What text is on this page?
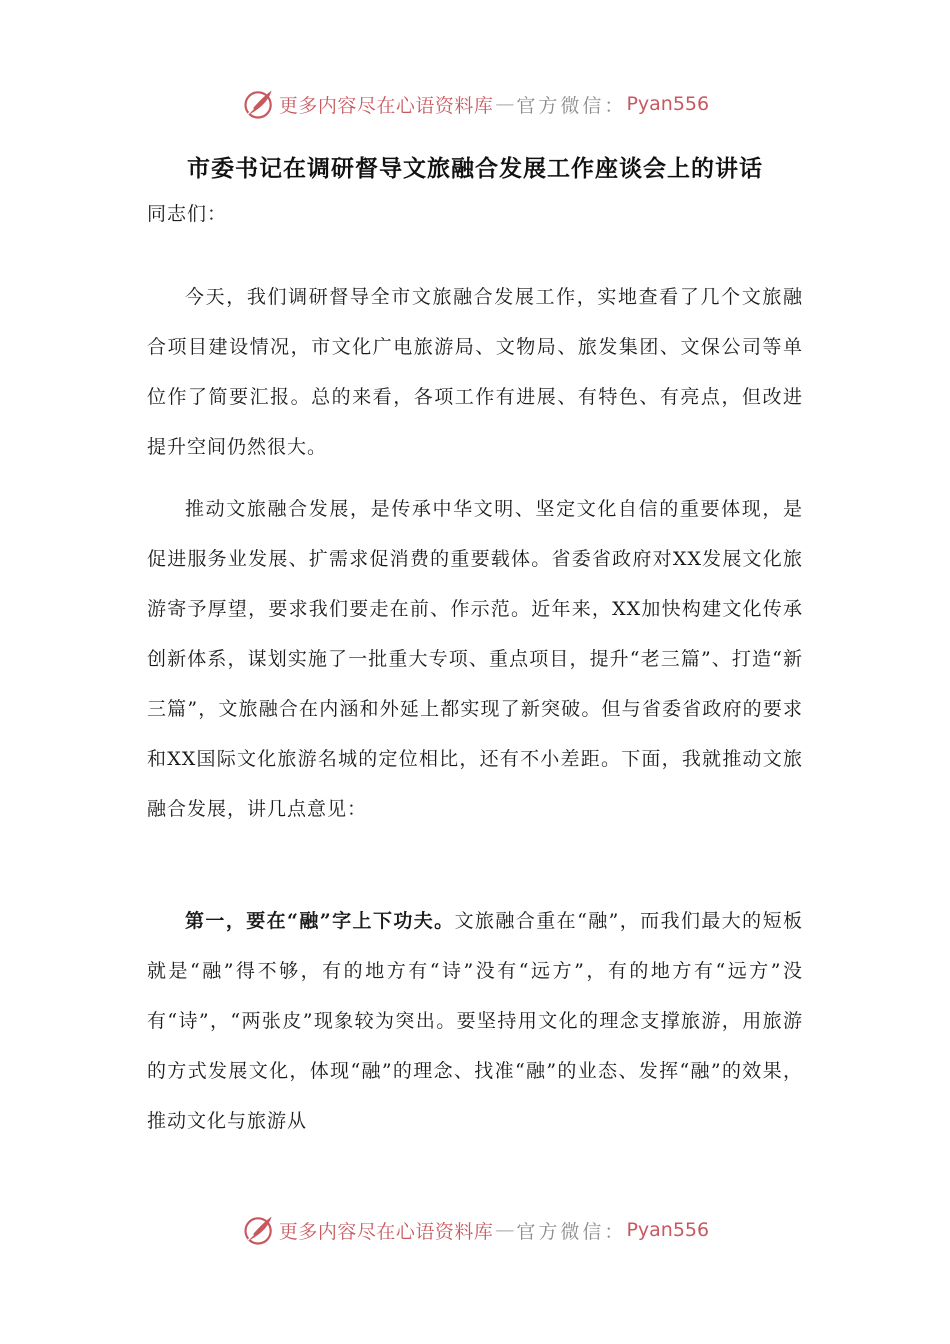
更多内容尽在心语资料库 — 官方微信： Pyan556
市委书记在调研督导文旅融合发展工作座谈会上的讲话
同志们：
今天，我们调研督导全市文旅融合发展工作，实地查看了几个文旅融合项目建设情况，市文化广电旅游局、文物局、旅发集团、文保公司等单位作了简要汇报。总的来看，各项工作有进展、有特色、有亮点，但改进提升空间仍然很大。
推动文旅融合发展，是传承中华文明、坚定文化自信的重要体现，是促进服务业发展、扩需求促消费的重要载体。省委省政府对XX发展文化旅游寄予厚望，要求我们要走在前、作示范。近年来，XX加快构建文化传承创新体系，谋划实施了一批重大专项、重点项目，提升“老三篇”、打造“新三篇”，文旅融合在内涵和外延上都实现了新突破。但与省委省政府的要求和XX国际文化旅游名城的定位相比，还有不小差距。下面，我就推动文旅融合发展，讲几点意见：
第一，要在“融”字上下功夫。文旅融合重在“融”，而我们最大的短板就是“融”得不够，有的地方有“诗”没有“远方”，有的地方有“远方”没有“诗”，“两张皮”现象较为突出。要坚持用文化的理念支撑旅游，用旅游的方式发展文化，体现“融”的理念、找准“融”的业态、发挥“融”的效果，推动文化与旅游从
更多内容尽在心语资料库 — 官方微信： Pyan556
